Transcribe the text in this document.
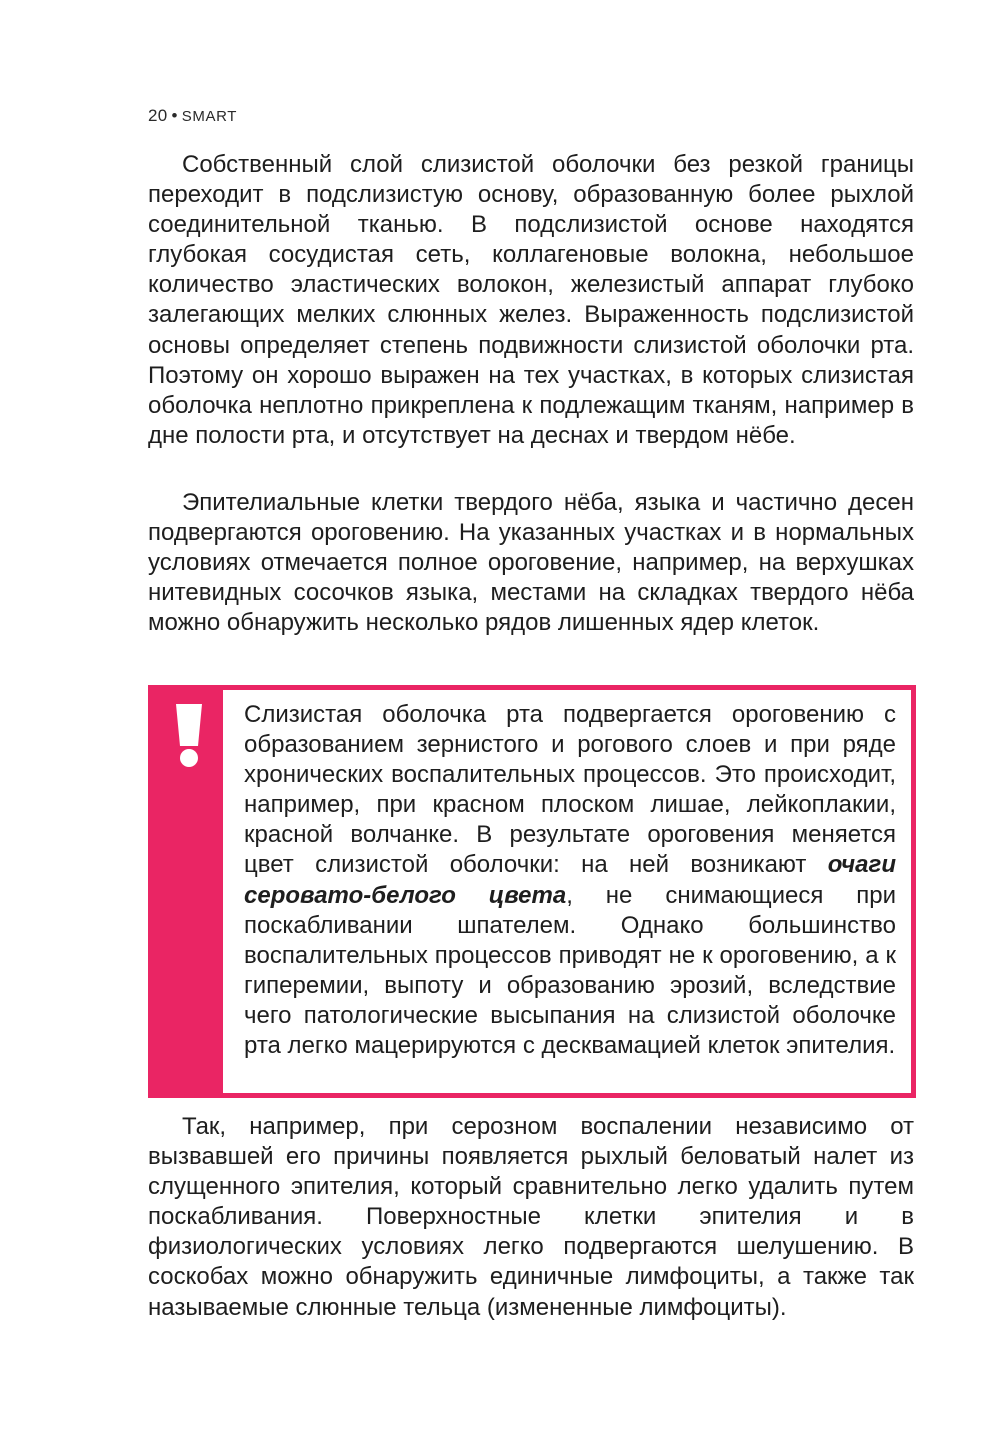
20 • SMART

Собственный слой слизистой оболочки без резкой границы переходит в подслизистую основу, образованную более рыхлой соединительной тканью. В подслизистой основе находятся глубокая сосудистая сеть, коллагеновые волокна, небольшое количество эластических волокон, железистый аппарат глубоко залегающих мелких слюнных желез. Выраженность подслизистой основы определяет степень подвижности слизистой оболочки рта. Поэтому он хорошо выражен на тех участках, в которых слизистая оболочка неплотно прикреплена к подлежащим тканям, например в дне полости рта, и отсутствует на деснах и твердом нёбе.

Эпителиальные клетки твердого нёба, языка и частично десен подвергаются ороговению. На указанных участках и в нормальных условиях отмечается полное ороговение, например, на верхушках нитевидных сосочков языка, местами на складках твердого нёба можно обнаружить несколько рядов лишенных ядер клеток.

Слизистая оболочка рта подвергается ороговению с образованием зернистого и рогового слоев и при ряде хронических воспалительных процессов. Это происходит, например, при красном плоском лишае, лейкоплакии, красной волчанке. В результате ороговения меняется цвет слизистой оболочки: на ней возникают очаги серовато-белого цвета, не снимающиеся при поскабливании шпателем. Однако большинство воспалительных процессов приводят не к ороговению, а к гиперемии, выпоту и образованию эрозий, вследствие чего патологические высыпания на слизистой оболочке рта легко мацерируются с десквамацией клеток эпителия.

Так, например, при серозном воспалении независимо от вызвавшей его причины появляется рыхлый беловатый налет из слущенного эпителия, который сравнительно легко удалить путем поскабливания. Поверхностные клетки эпителия и в физиологических условиях легко подвергаются шелушению. В соскобах можно обнаружить единичные лимфоциты, а также так называемые слюнные тельца (измененные лимфоциты).
